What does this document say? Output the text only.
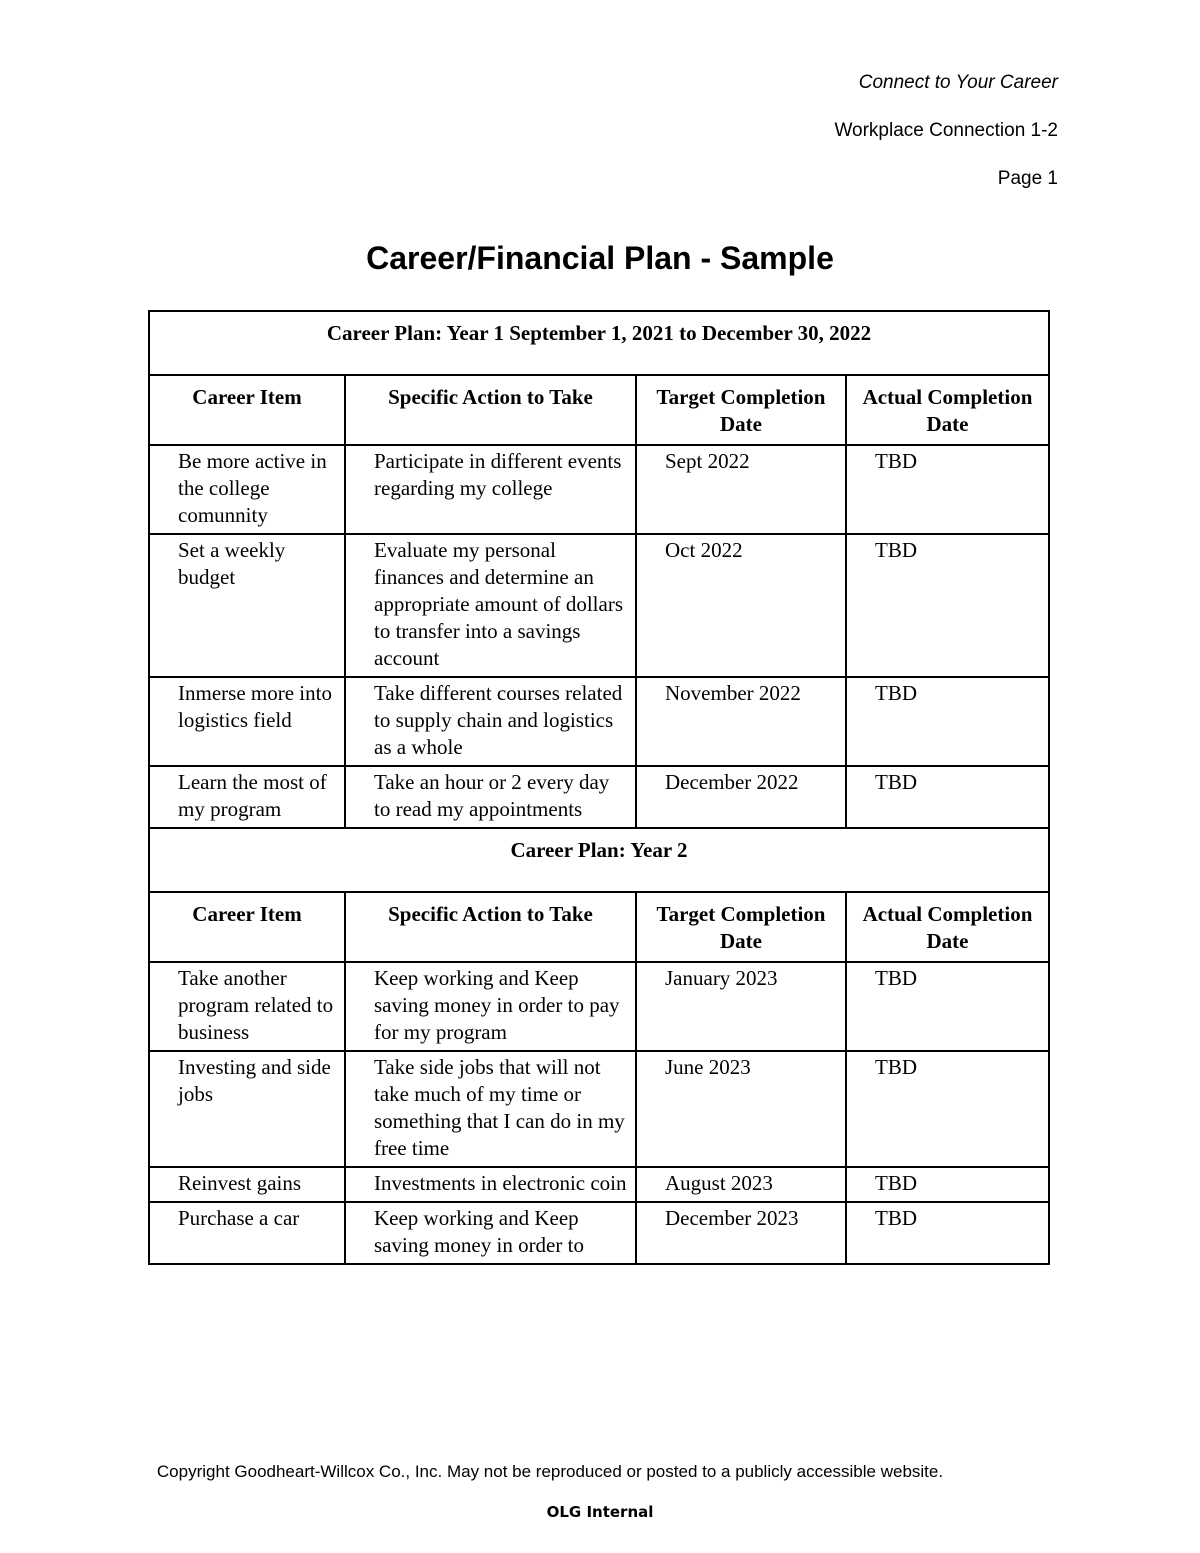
Connect to Your Career
Workplace Connection 1-2
Page 1
Career/Financial Plan - Sample
Career Plan: Year 1 September 1, 2021 to December 30, 2022			
Career Item	Specific Action to Take	Target Completion Date	Actual Completion Date
Be more active in the college comunnity	Participate in different events regarding my college	Sept 2022	TBD
Set a weekly budget	Evaluate my personal finances and determine an appropriate amount of dollars to transfer into a savings account	Oct 2022	TBD
Inmerse more into logistics field	Take different courses related to supply chain and logistics as a whole	November 2022	TBD
Learn the most of my program	Take an hour or 2 every day to read my appointments	December 2022	TBD
Career Plan: Year 2			
Career Item	Specific Action to Take	Target Completion Date	Actual Completion Date
Take another program related to business	Keep working and Keep saving money in order to pay for my program	January 2023	TBD
Investing and side jobs	Take side jobs that will not take much of my time or something that I can do in my free time	June 2023	TBD
Reinvest gains	Investments in electronic coin	August 2023	TBD
Purchase a car	Keep working and Keep saving money in order to	December 2023	TBD
Copyright Goodheart-Willcox Co., Inc. May not be reproduced or posted to a publicly accessible website.
OLG Internal
